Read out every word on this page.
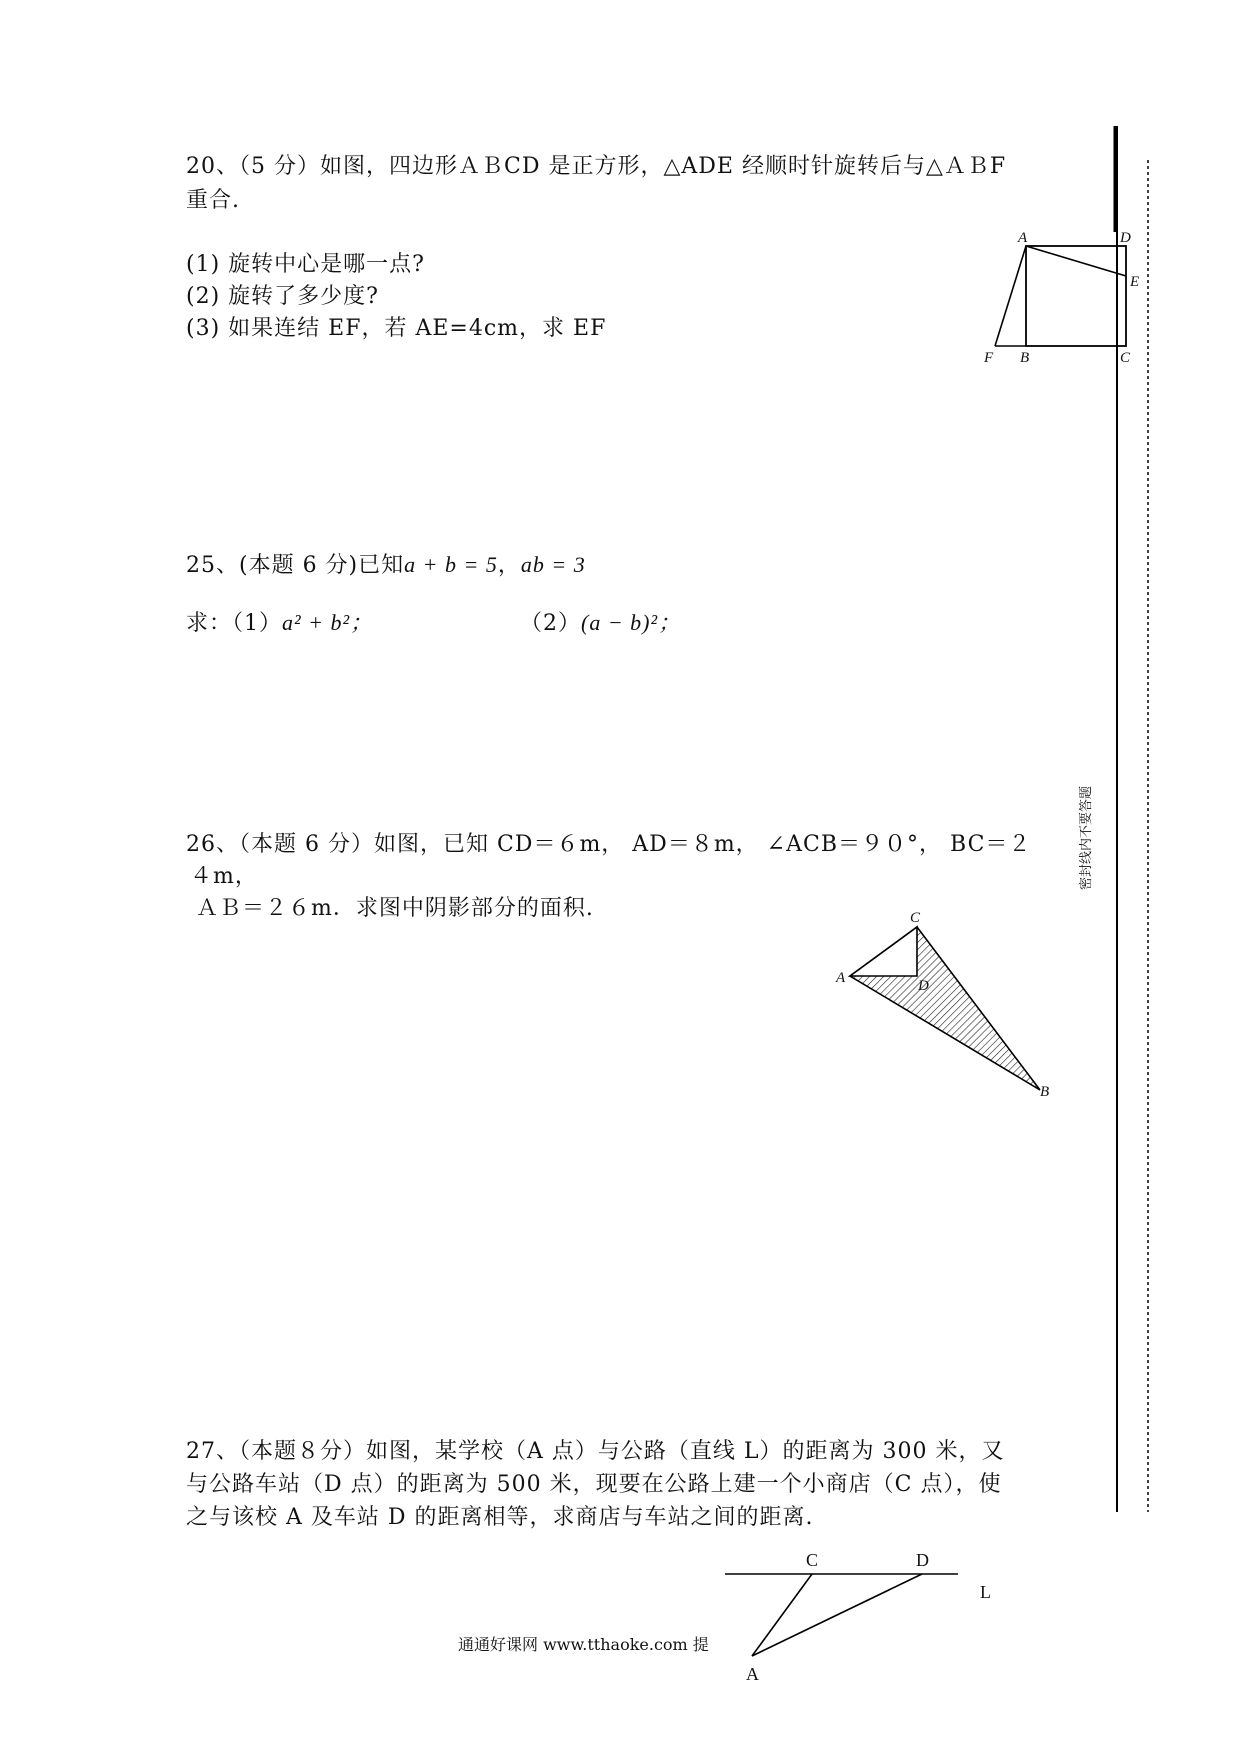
20、（5 分）如图，四边形ＡＢCD 是正方形，△ADE 经顺时针旋转后与△ＡＢF
重合.
(1) 旋转中心是哪一点?
(2) 旋转了多少度?
(3) 如果连结 EF，若 AE=4cm，求 EF
25、(本题 6 分)已知a + b = 5，ab = 3
求：（1）a² + b²；	（2）(a − b)²；
26、（本题 6 分）如图，已知 CD＝６m， AD＝８m， ∠ACB＝９０°， BC＝２
４m，
ＡＢ＝２６m．求图中阴影部分的面积.
27、（本题８分）如图，某学校（A 点）与公路（直线 L）的距离为 300 米，又
与公路车站（D 点）的距离为 500 米，现要在公路上建一个小商店（C 点），使
之与该校 A 及车站 D 的距离相等，求商店与车站之间的距离.
密封线内不要答题
通通好课网 www.tthaoke.com 提
A	D
E
F B	C
C
A	D
B
C	D
L
A
